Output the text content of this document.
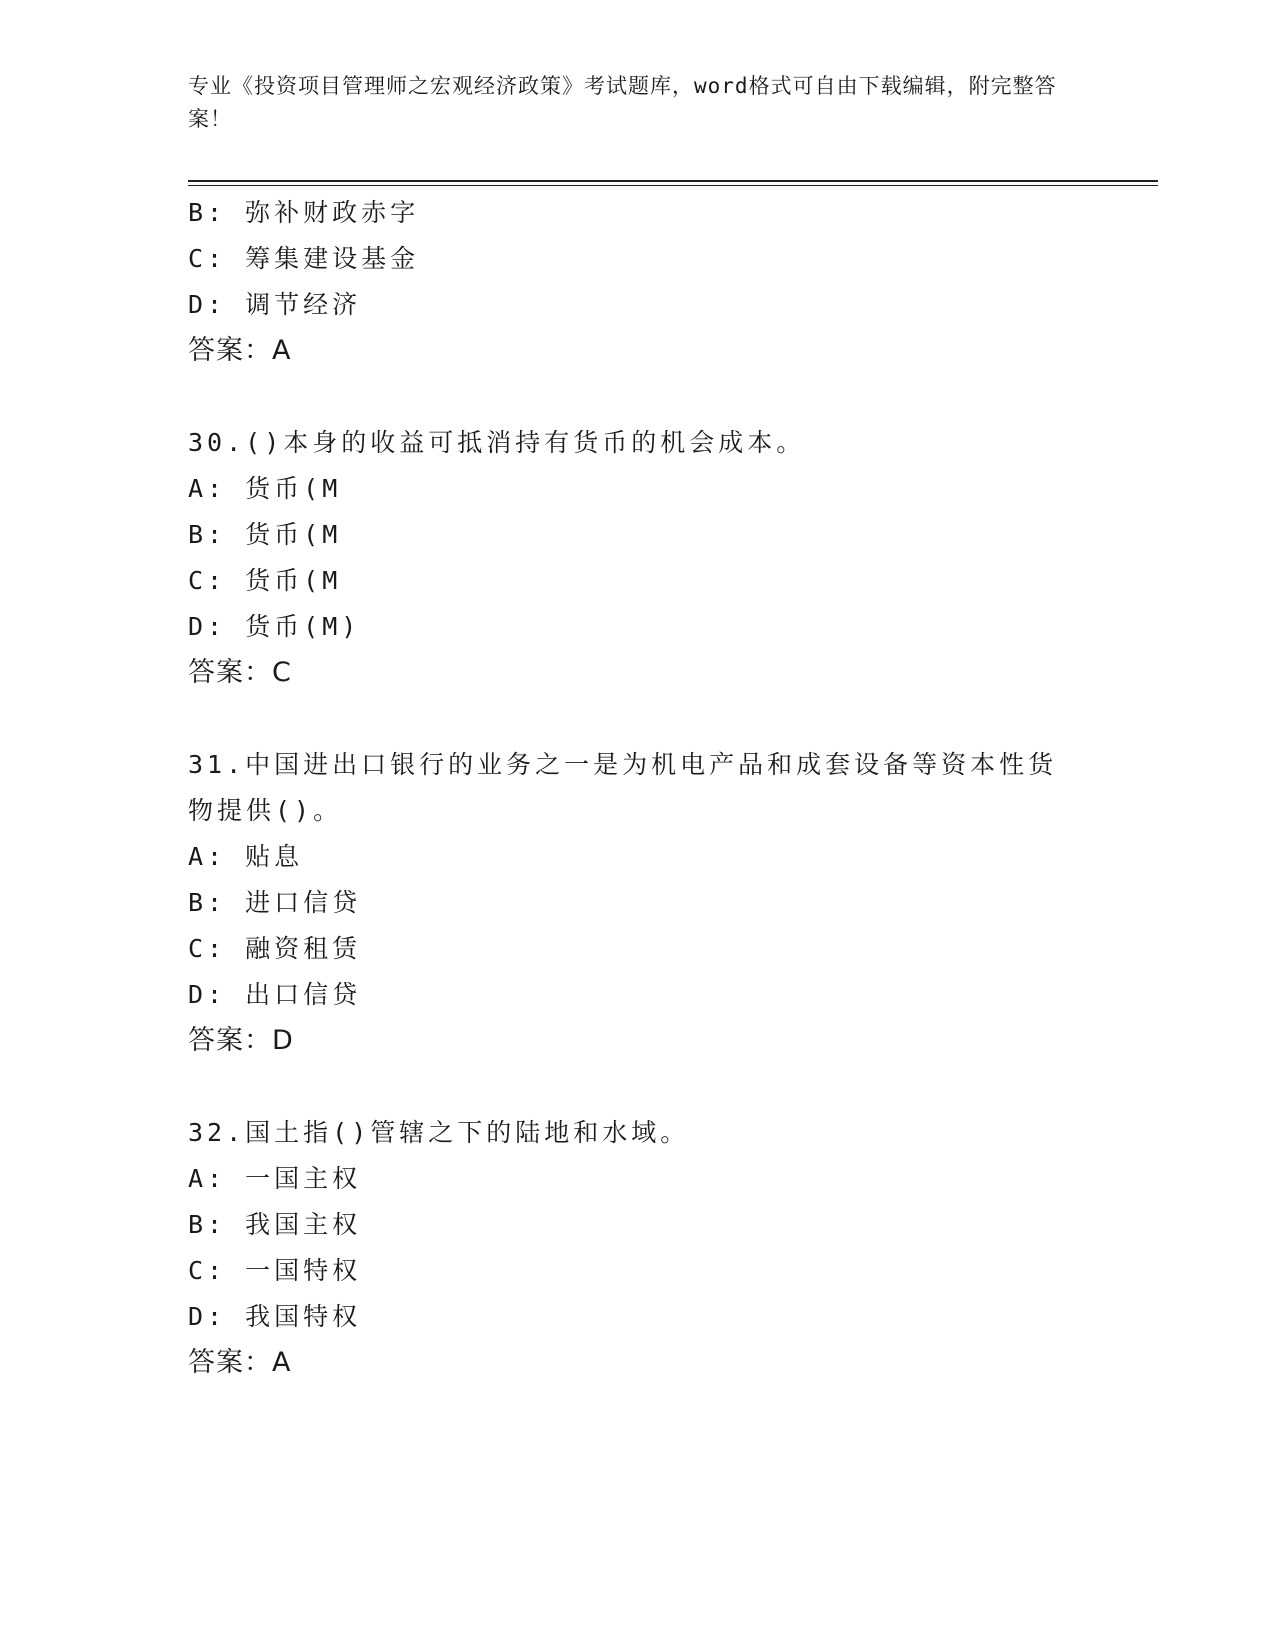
专业《投资项目管理师之宏观经济政策》考试题库，word格式可自由下载编辑，附完整答案！
B: 弥补财政赤字
C: 筹集建设基金
D: 调节经济
答案：A
30.()本身的收益可抵消持有货币的机会成本。
A: 货币(M
B: 货币(M
C: 货币(M
D: 货币(M)
答案：C
31.中国进出口银行的业务之一是为机电产品和成套设备等资本性货物提供()。
A: 贴息
B: 进口信贷
C: 融资租赁
D: 出口信贷
答案：D
32.国土指()管辖之下的陆地和水域。
A: 一国主权
B: 我国主权
C: 一国特权
D: 我国特权
答案：A
